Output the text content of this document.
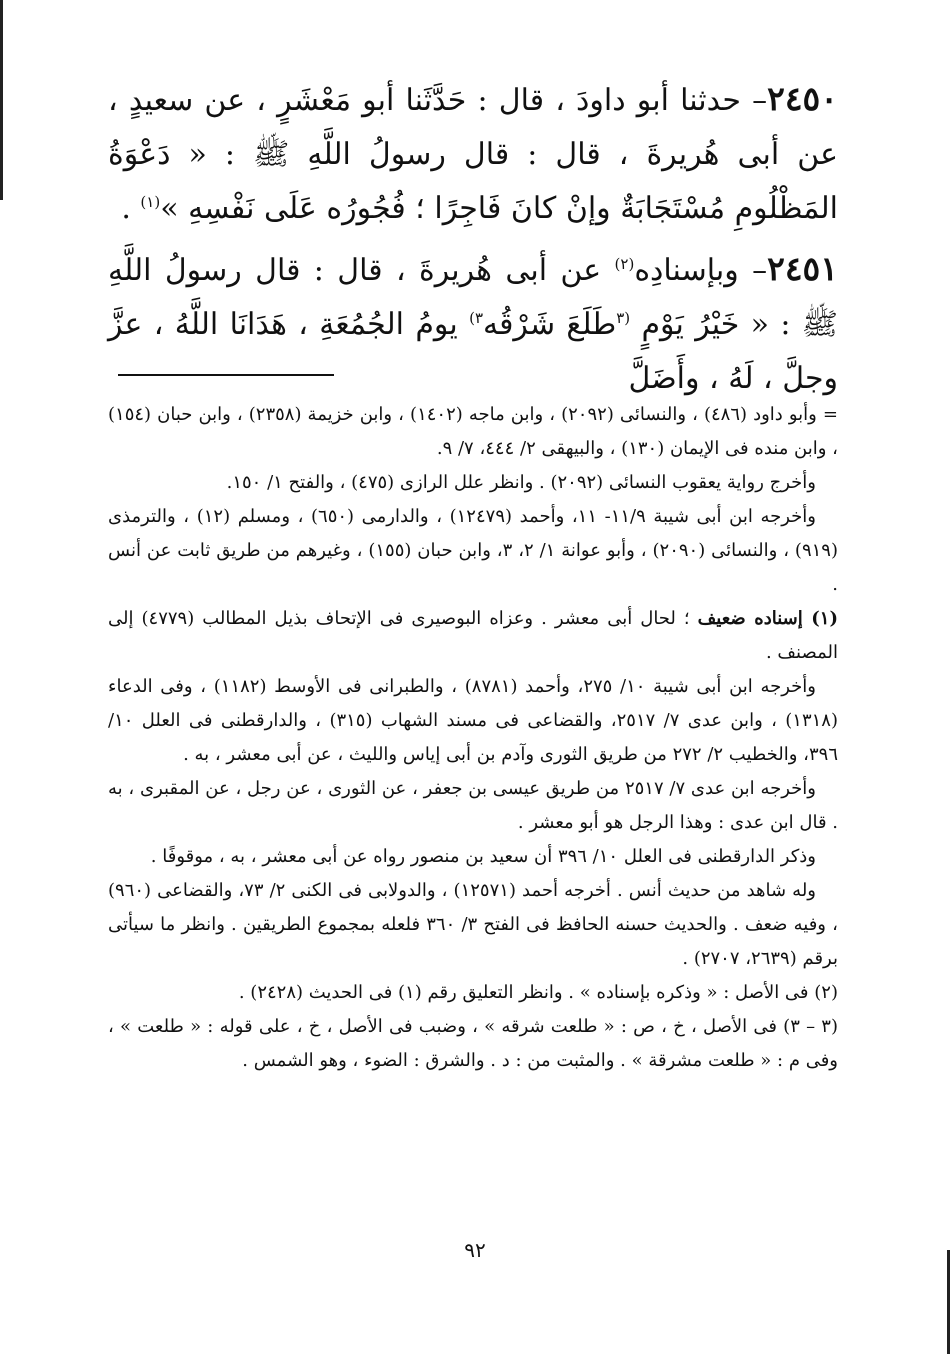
٢٤٥٠– حدثنا أبو داودَ ، قال : حَدَّثَنا أبو مَعْشَرٍ ، عن سعيدٍ ، عن أبى هُريرةَ ، قال : قال رسولُ اللَّهِ ﷺ : « دَعْوَةُ المَظْلُومِ مُسْتَجَابَةٌ وإنْ كانَ فَاجِرًا ؛ فُجُورُه عَلَى نَفْسِهِ »$^{(١)}$ .

٢٤٥١– وبإسنادِه$^{(٢)}$ عن أبى هُريرةَ ، قال : قال رسولُ اللَّهِ ﷺ : « خَيْرُ يَوْمٍ $^{(٣}$طَلَعَ شَرْقُه$^{٣)}$ يومُ الجُمُعَةِ ، هَدَانَا اللَّهُ ، عزَّ وجلَّ ، لَهُ ، وأَضَلَّ

= وأبو داود (٤٨٦) ، والنسائى (٢٠٩٢) ، وابن ماجه (١٤٠٢) ، وابن خزيمة (٢٣٥٨) ، وابن حبان (١٥٤) ، وابن منده فى الإيمان (١٣٠) ، والبيهقى ٢/ ٤٤٤، ٧/ ٩.

وأخرج رواية يعقوب النسائى (٢٠٩٢) . وانظر علل الرازى (٤٧٥) ، والفتح ١/ ١٥٠.

وأخرجه ابن أبى شيبة ١١/٩- ١١، وأحمد (١٢٤٧٩) ، والدارمى (٦٥٠) ، ومسلم (١٢) ، والترمذى (٩١٩) ، والنسائى (٢٠٩٠) ، وأبو عوانة ١/ ٢، ٣، وابن حبان (١٥٥) ، وغيرهم من طريق ثابت عن أنس .

(١) إسناده ضعيف ؛ لحال أبى معشر . وعزاه البوصيرى فى الإتحاف بذيل المطالب (٤٧٧٩) إلى المصنف .

وأخرجه ابن أبى شيبة ١٠/ ٢٧٥، وأحمد (٨٧٨١) ، والطبرانى فى الأوسط (١١٨٢) ، وفى الدعاء (١٣١٨) ، وابن عدى ٧/ ٢٥١٧، والقضاعى فى مسند الشهاب (٣١٥) ، والدارقطنى فى العلل ١٠/ ٣٩٦، والخطيب ٢/ ٢٧٢ من طريق الثورى وآدم بن أبى إياس والليث ، عن أبى معشر ، به .

وأخرجه ابن عدى ٧/ ٢٥١٧ من طريق عيسى بن جعفر ، عن الثورى ، عن رجل ، عن المقبرى ، به . قال ابن عدى : وهذا الرجل هو أبو معشر .

وذكر الدارقطنى فى العلل ١٠/ ٣٩٦ أن سعيد بن منصور رواه عن أبى معشر ، به ، موقوفًا .

وله شاهد من حديث أنس . أخرجه أحمد (١٢٥٧١) ، والدولابى فى الكنى ٢/ ٧٣، والقضاعى (٩٦٠) ، وفيه ضعف . والحديث حسنه الحافظ فى الفتح ٣/ ٣٦٠ فلعله بمجموع الطريقين . وانظر ما سيأتى برقم (٢٦٣٩، ٢٧٠٧) .

(٢) فى الأصل : « وذكره بإسناده » . وانظر التعليق رقم (١) فى الحديث (٢٤٢٨) .

(٣ – ٣) فى الأصل ، خ ، ص : « طلعت شرقه » ، وضبب فى الأصل ، خ ، على قوله : « طلعت » ، وفى م : « طلعت مشرقة » . والمثبت من : د . والشرق : الضوء ، وهو الشمس .

٩٢
